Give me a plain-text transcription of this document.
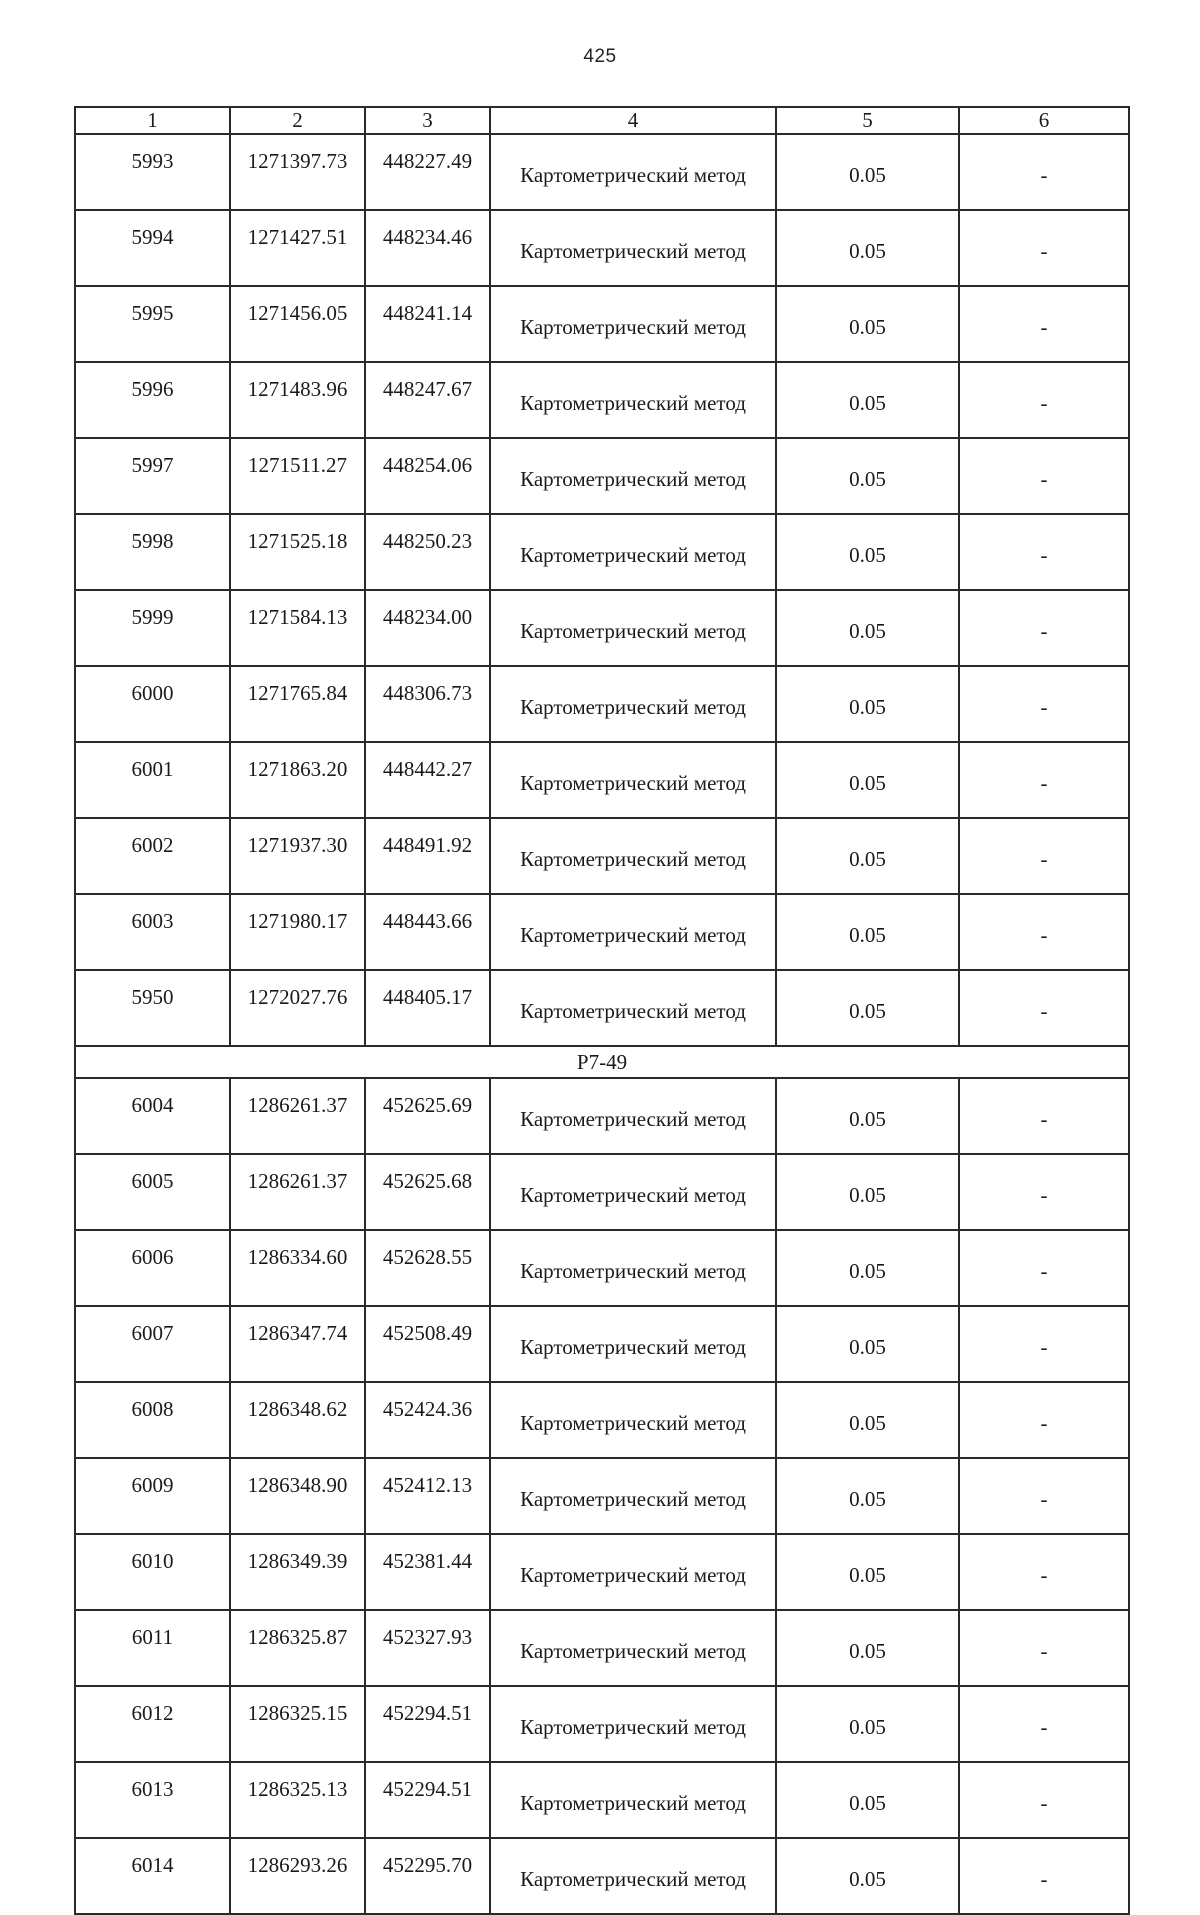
425
1	2	3	4	5	6
5993	1271397.73	448227.49	Картометрический метод	0.05	-
5994	1271427.51	448234.46	Картометрический метод	0.05	-
5995	1271456.05	448241.14	Картометрический метод	0.05	-
5996	1271483.96	448247.67	Картометрический метод	0.05	-
5997	1271511.27	448254.06	Картометрический метод	0.05	-
5998	1271525.18	448250.23	Картометрический метод	0.05	-
5999	1271584.13	448234.00	Картометрический метод	0.05	-
6000	1271765.84	448306.73	Картометрический метод	0.05	-
6001	1271863.20	448442.27	Картометрический метод	0.05	-
6002	1271937.30	448491.92	Картометрический метод	0.05	-
6003	1271980.17	448443.66	Картометрический метод	0.05	-
5950	1272027.76	448405.17	Картометрический метод	0.05	-
Р7-49					
6004	1286261.37	452625.69	Картометрический метод	0.05	-
6005	1286261.37	452625.68	Картометрический метод	0.05	-
6006	1286334.60	452628.55	Картометрический метод	0.05	-
6007	1286347.74	452508.49	Картометрический метод	0.05	-
6008	1286348.62	452424.36	Картометрический метод	0.05	-
6009	1286348.90	452412.13	Картометрический метод	0.05	-
6010	1286349.39	452381.44	Картометрический метод	0.05	-
6011	1286325.87	452327.93	Картометрический метод	0.05	-
6012	1286325.15	452294.51	Картометрический метод	0.05	-
6013	1286325.13	452294.51	Картометрический метод	0.05	-
6014	1286293.26	452295.70	Картометрический метод	0.05	-
